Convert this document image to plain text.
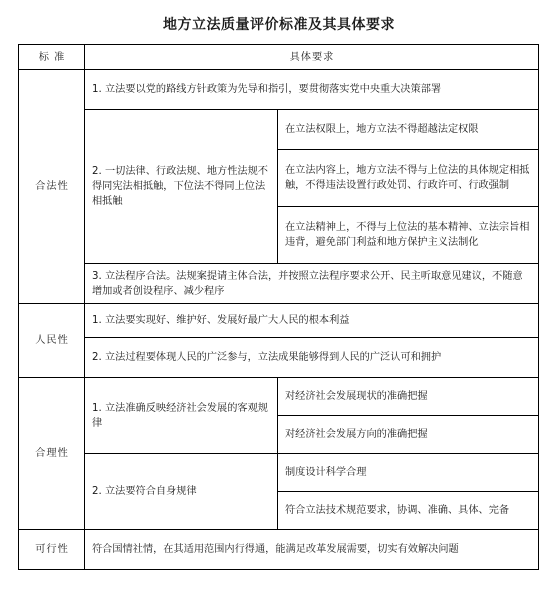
地方立法质量评价标准及其具体要求
标 准	具体要求	
合法性	1. 立法要以党的路线方针政策为先导和指引，要贯彻落实党中央重大决策部署	
	2. 一切法律、行政法规、地方性法规不得同宪法相抵触，下位法不得同上位法相抵触	在立法权限上，地方立法不得超越法定权限
		在立法内容上，地方立法不得与上位法的具体规定相抵触，不得违法设置行政处罚、行政许可、行政强制
		在立法精神上，不得与上位法的基本精神、立法宗旨相违背，避免部门利益和地方保护主义法制化
	3. 立法程序合法。法规案提请主体合法，并按照立法程序要求公开、民主听取意见建议，不随意增加或者创设程序、减少程序	
人民性	1. 立法要实现好、维护好、发展好最广大人民的根本利益	
	2. 立法过程要体现人民的广泛参与，立法成果能够得到人民的广泛认可和拥护	
合理性	1. 立法准确反映经济社会发展的客观规律	对经济社会发展现状的准确把握
		对经济社会发展方向的准确把握
	2. 立法要符合自身规律	制度设计科学合理
		符合立法技术规范要求，协调、准确、具体、完备
可行性	符合国情社情，在其适用范围内行得通，能满足改革发展需要，切实有效解决问题	
